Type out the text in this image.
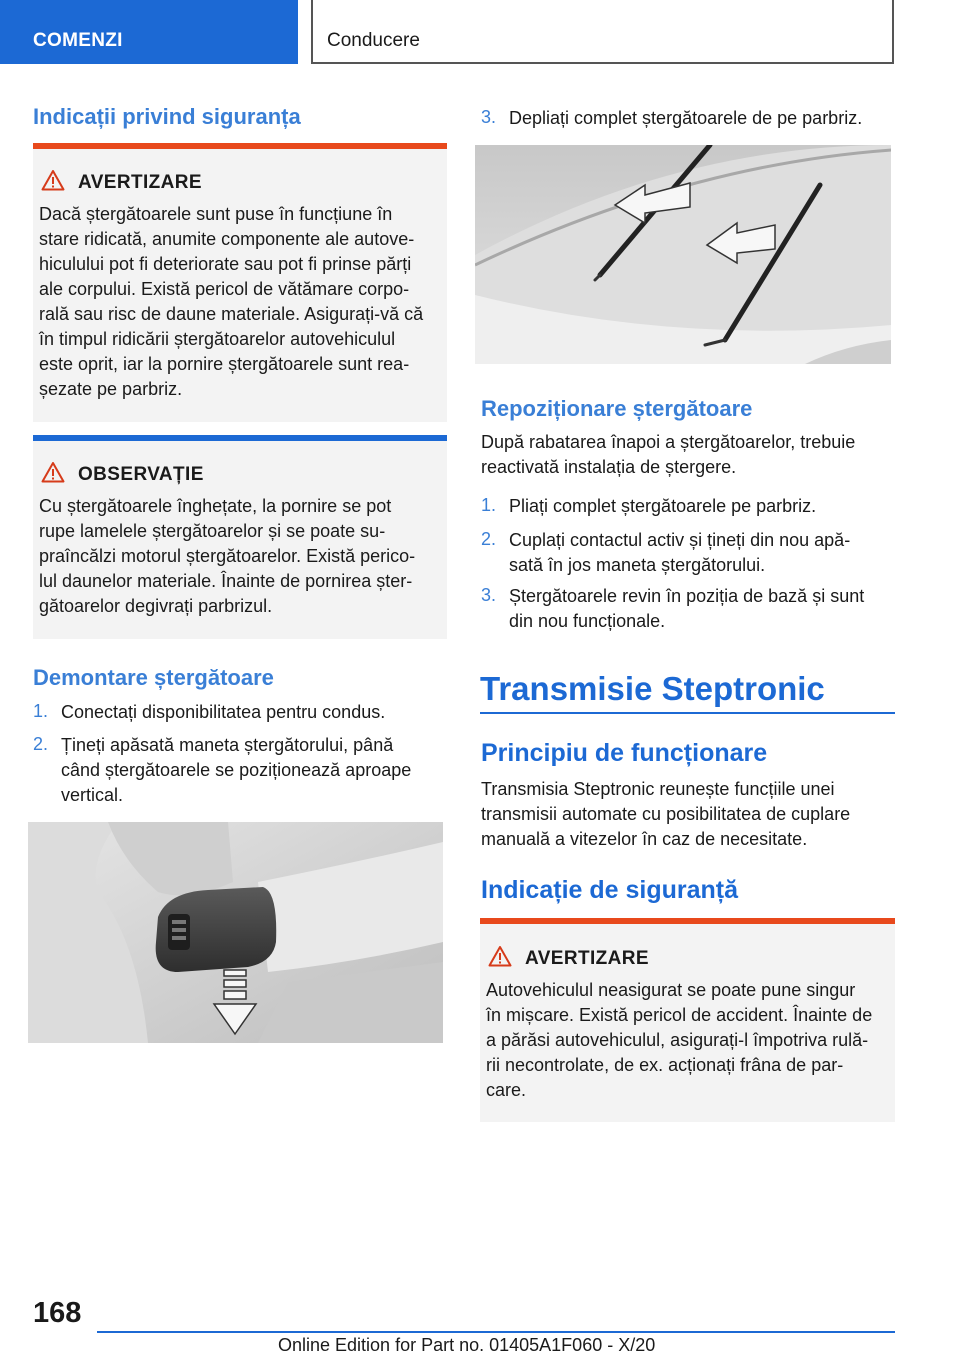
COMENZI	Conducere
Indicații privind siguranța
AVERTIZARE
Dacă ștergătoarele sunt puse în funcțiune în
stare ridicată, anumite componente ale autove-
hiculului pot fi deteriorate sau pot fi prinse părți
ale corpului. Există pericol de vătămare corpo-
rală sau risc de daune materiale. Asigurați-vă că
în timpul ridicării ștergătoarelor autovehiculul
este oprit, iar la pornire ștergătoarele sunt rea-
șezate pe parbriz.
OBSERVAȚIE
Cu ștergătoarele înghețate, la pornire se pot
rupe lamelele ștergătoarelor și se poate su-
praîncălzi motorul ștergătoarelor. Există perico-
lul daunelor materiale. Înainte de pornirea șter-
gătoarelor degivrați parbrizul.
Demontare ștergătoare
1. Conectați disponibilitatea pentru condus.
2. Țineți apăsată maneta ștergătorului, până
când ștergătoarele se poziționează aproape
vertical.
3. Depliați complet ștergătoarele de pe parbriz.
Repoziționare ștergătoare
După rabatarea înapoi a ștergătoarelor, trebuie
reactivată instalația de ștergere.
1. Pliați complet ștergătoarele pe parbriz.
2. Cuplați contactul activ și țineți din nou apă-
sată în jos maneta ștergătorului.
3. Ștergătoarele revin în poziția de bază și sunt
din nou funcționale.
Transmisie Steptronic
Principiu de funcționare
Transmisia Steptronic reunește funcțiile unei
transmisii automate cu posibilitatea de cuplare
manuală a vitezelor în caz de necesitate.
Indicație de siguranță
AVERTIZARE
Autovehiculul neasigurat se poate pune singur
în mișcare. Există pericol de accident. Înainte de
a părăsi autovehiculul, asigurați-l împotriva rulă-
rii necontrolate, de ex. acționați frâna de par-
care.
168
Online Edition for Part no. 01405A1F060 - X/20
